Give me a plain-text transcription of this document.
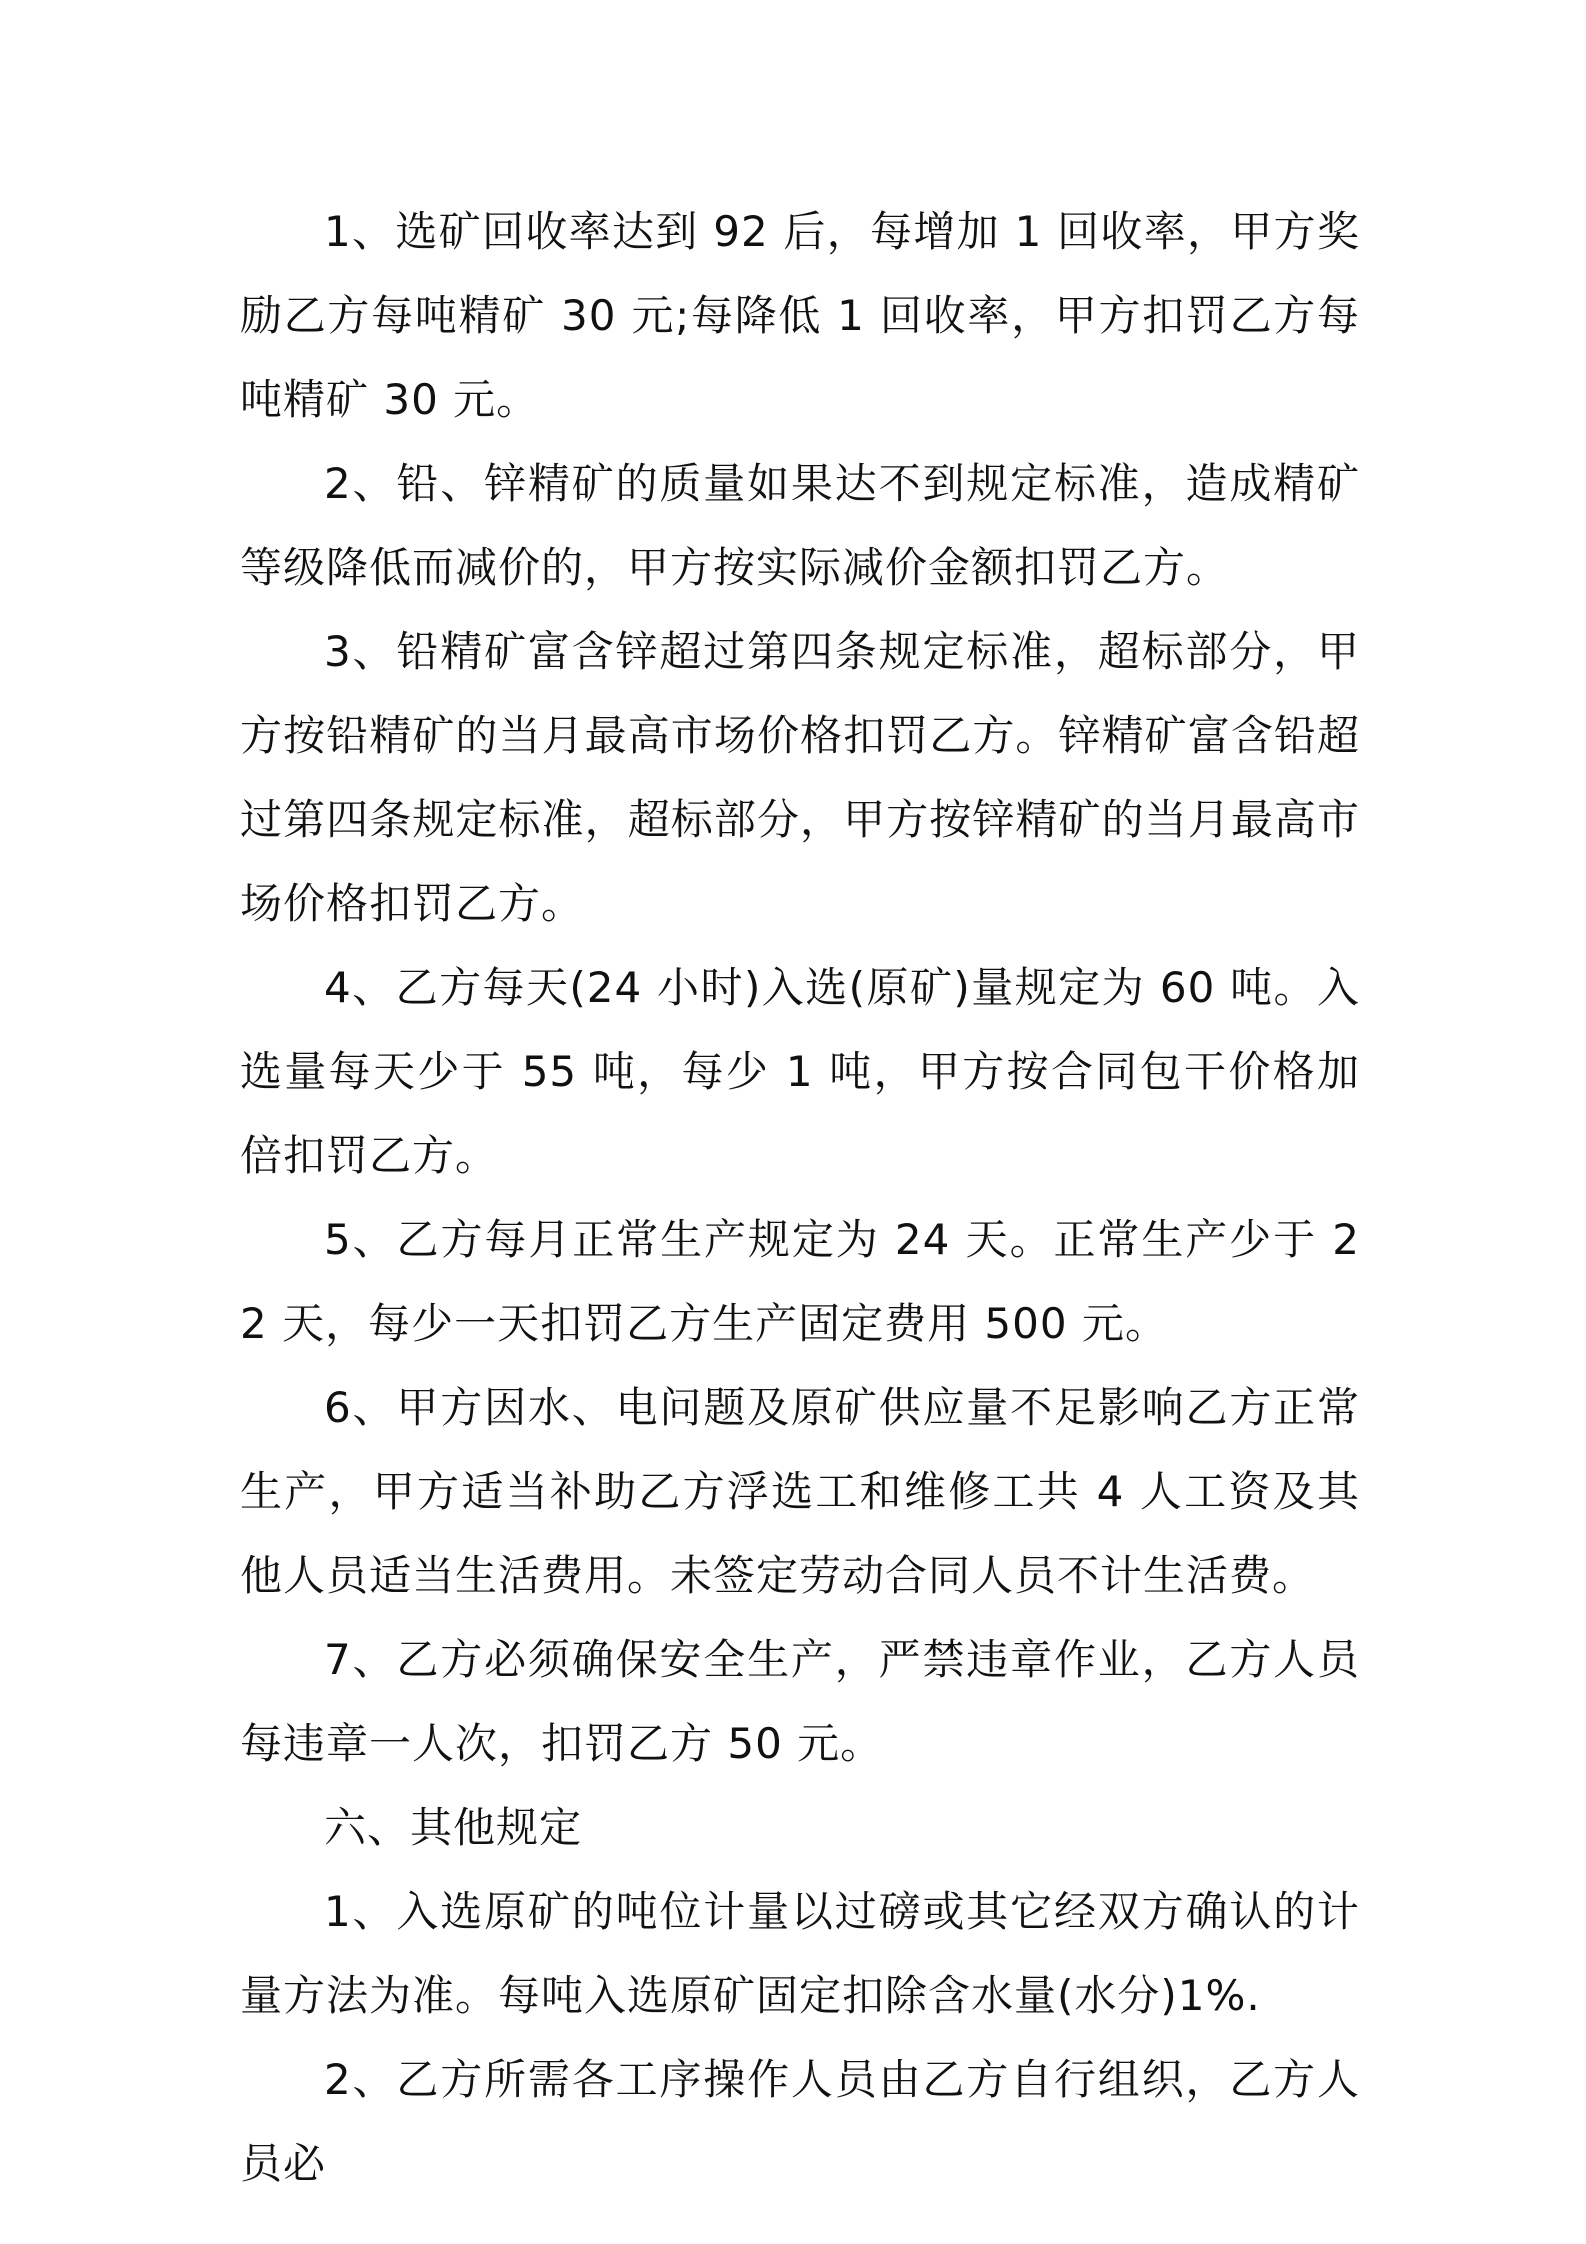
1、选矿回收率达到 92 后，每增加 1 回收率，甲方奖励乙方每吨精矿 30 元;每降低 1 回收率，甲方扣罚乙方每吨精矿 30 元。

2、铅、锌精矿的质量如果达不到规定标准，造成精矿等级降低而减价的，甲方按实际减价金额扣罚乙方。

3、铅精矿富含锌超过第四条规定标准，超标部分，甲方按铅精矿的当月最高市场价格扣罚乙方。锌精矿富含铅超过第四条规定标准，超标部分，甲方按锌精矿的当月最高市场价格扣罚乙方。

4、乙方每天(24 小时)入选(原矿)量规定为 60 吨。入选量每天少于 55 吨，每少 1 吨，甲方按合同包干价格加倍扣罚乙方。

5、乙方每月正常生产规定为 24 天。正常生产少于 22 天，每少一天扣罚乙方生产固定费用 500 元。

6、甲方因水、电问题及原矿供应量不足影响乙方正常生产，甲方适当补助乙方浮选工和维修工共 4 人工资及其他人员适当生活费用。未签定劳动合同人员不计生活费。

7、乙方必须确保安全生产，严禁违章作业，乙方人员每违章一人次，扣罚乙方 50 元。

六、其他规定

1、入选原矿的吨位计量以过磅或其它经双方确认的计量方法为准。每吨入选原矿固定扣除含水量(水分)1%.

2、乙方所需各工序操作人员由乙方自行组织，乙方人员必
